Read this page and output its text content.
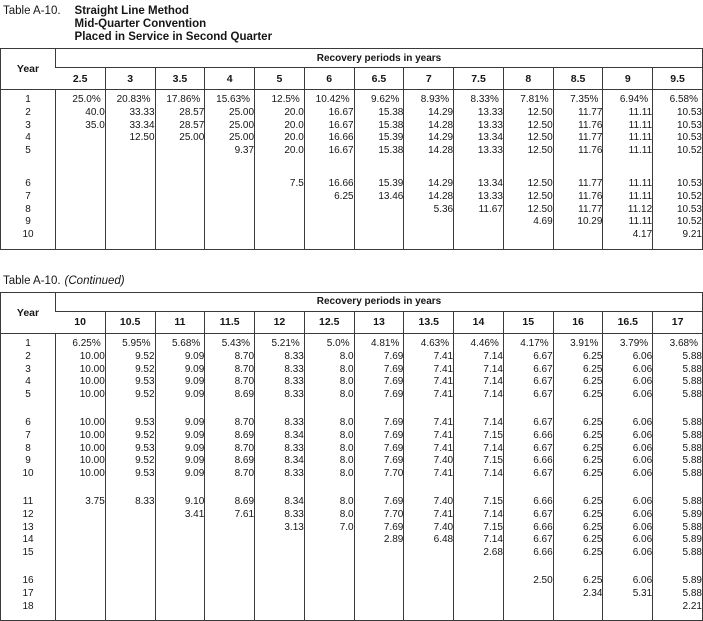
Table A-10. Straight Line Method
Mid-Quarter Convention
Placed in Service in Second Quarter
Year	Recovery periods in years												
	2.5	3	3.5	4	5	6	6.5	7	7.5	8	8.5	9	9.5

1	25.0%	20.83%	17.86%	15.63%	12.5%	10.42%	9.62%	8.93%	8.33%	7.81%	7.35%	6.94%	6.58%
2	40.0	33.33	28.57	25.00	20.0	16.67	15.38	14.29	13.33	12.50	11.77	11.11	10.53
3	35.0	33.34	28.57	25.00	20.0	16.67	15.38	14.28	13.33	12.50	11.76	11.11	10.53
4		12.50	25.00	25.00	20.0	16.66	15.39	14.29	13.34	12.50	11.77	11.11	10.53
5				9.37	20.0	16.67	15.38	14.28	13.33	12.50	11.76	11.11	10.52

6					7.5	16.66	15.39	14.29	13.34	12.50	11.77	11.11	10.53
7						6.25	13.46	14.28	13.33	12.50	11.76	11.11	10.52
8								5.36	11.67	12.50	11.77	11.12	10.53
9										4.69	10.29	11.11	10.52
10												4.17	9.21

Table A-10. (Continued)
Year	Recovery periods in years												
	10	10.5	11	11.5	12	12.5	13	13.5	14	15	16	16.5	17

1	6.25%	5.95%	5.68%	5.43%	5.21%	5.0%	4.81%	4.63%	4.46%	4.17%	3.91%	3.79%	3.68%
2	10.00	9.52	9.09	8.70	8.33	8.0	7.69	7.41	7.14	6.67	6.25	6.06	5.88
3	10.00	9.52	9.09	8.70	8.33	8.0	7.69	7.41	7.14	6.67	6.25	6.06	5.88
4	10.00	9.53	9.09	8.70	8.33	8.0	7.69	7.41	7.14	6.67	6.25	6.06	5.88
5	10.00	9.52	9.09	8.69	8.33	8.0	7.69	7.41	7.14	6.67	6.25	6.06	5.88

6	10.00	9.53	9.09	8.70	8.33	8.0	7.69	7.41	7.14	6.67	6.25	6.06	5.88
7	10.00	9.52	9.09	8.69	8.34	8.0	7.69	7.41	7.15	6.66	6.25	6.06	5.88
8	10.00	9.53	9.09	8.70	8.33	8.0	7.69	7.41	7.14	6.67	6.25	6.06	5.88
9	10.00	9.52	9.09	8.69	8.34	8.0	7.69	7.40	7.15	6.66	6.25	6.06	5.88
10	10.00	9.53	9.09	8.70	8.33	8.0	7.70	7.41	7.14	6.67	6.25	6.06	5.88

11	3.75	8.33	9.10	8.69	8.34	8.0	7.69	7.40	7.15	6.66	6.25	6.06	5.88
12			3.41	7.61	8.33	8.0	7.70	7.41	7.14	6.67	6.25	6.06	5.89
13					3.13	7.0	7.69	7.40	7.15	6.66	6.25	6.06	5.88
14							2.89	6.48	7.14	6.67	6.25	6.06	5.89
15									2.68	6.66	6.25	6.06	5.88

16										2.50	6.25	6.06	5.89
17											2.34	5.31	5.88
18													2.21
